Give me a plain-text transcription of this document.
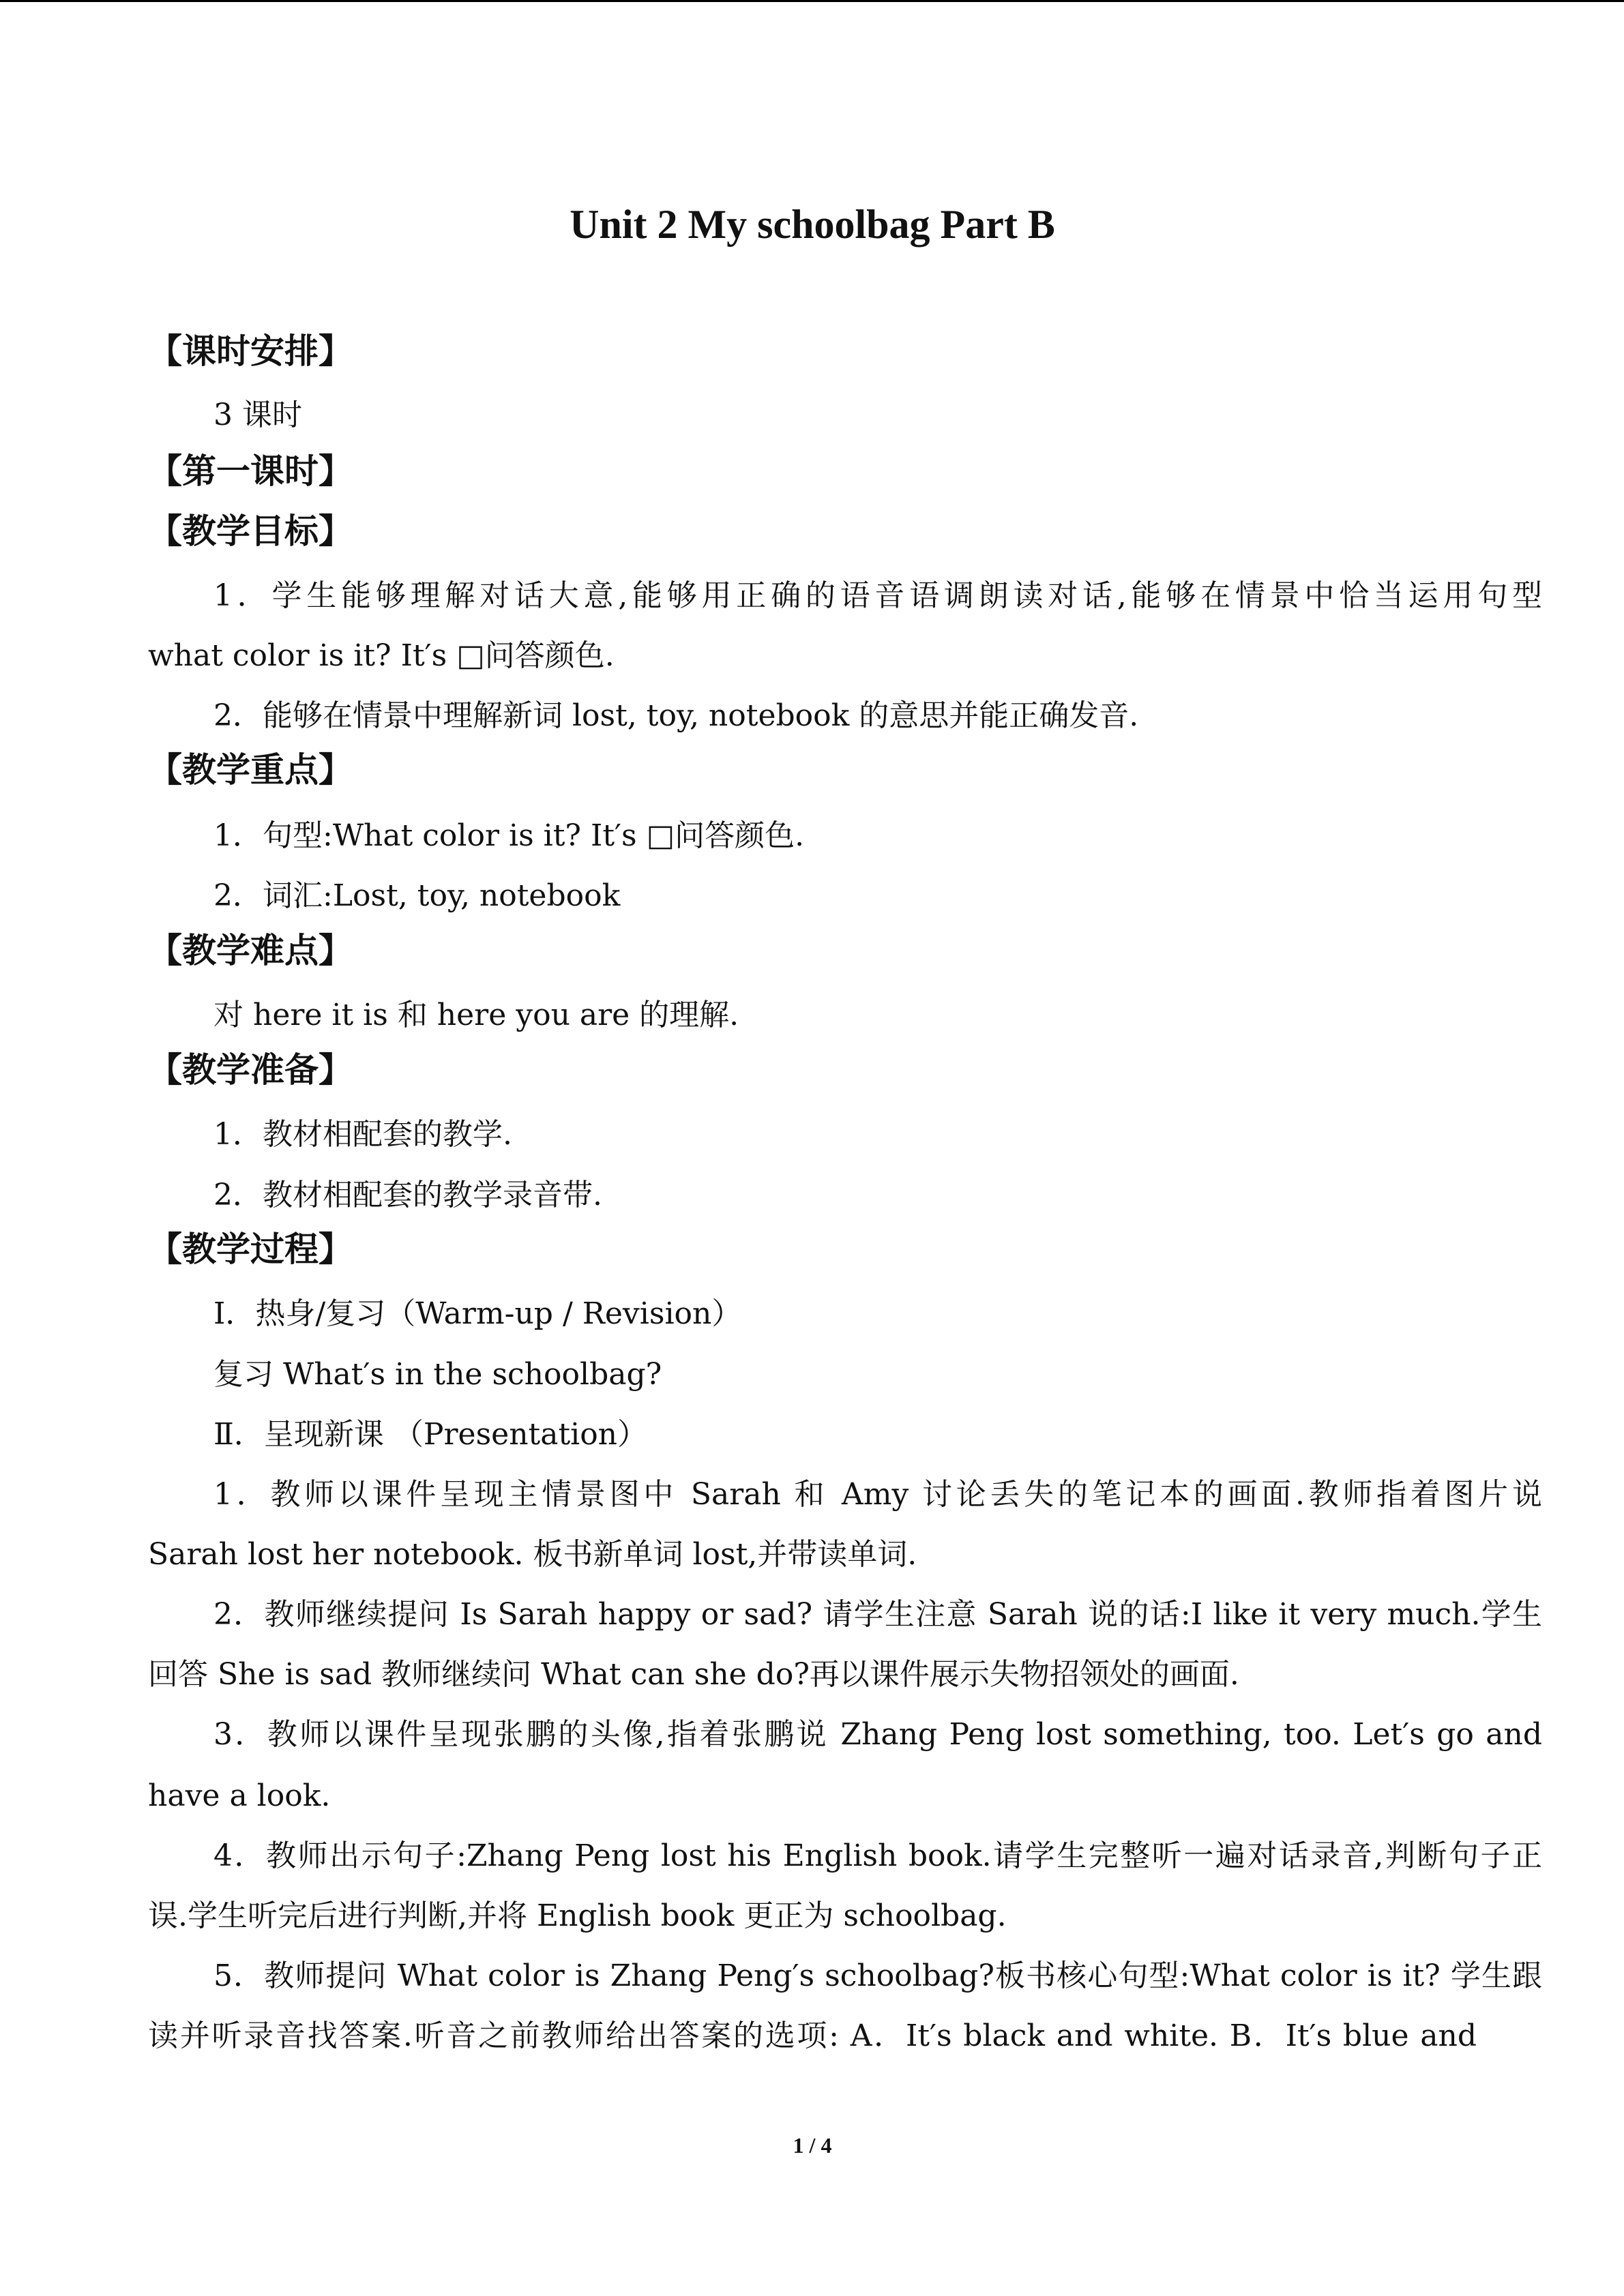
Unit 2 My schoolbag Part B
【课时安排】
3 课时
【第一课时】
【教学目标】
1．学生能够理解对话大意,能够用正确的语音语调朗读对话,能够在情景中恰当运用句型
what color is it? It′s □问答颜色.
2．能够在情景中理解新词 lost, toy, notebook 的意思并能正确发音.
【教学重点】
1．句型:What color is it? It′s □问答颜色.
2．词汇:Lost, toy, notebook
【教学难点】
对 here it is 和 here you are 的理解.
【教学准备】
1．教材相配套的教学.
2．教材相配套的教学录音带.
【教学过程】
Ⅰ．热身/复习（Warm-up / Revision）
复习 What′s in the schoolbag?
Ⅱ．呈现新课 （Presentation）
1．教师以课件呈现主情景图中 Sarah 和 Amy 讨论丢失的笔记本的画面.教师指着图片说
Sarah lost her notebook. 板书新单词 lost,并带读单词.
2．教师继续提问 Is Sarah happy or sad? 请学生注意 Sarah 说的话:I like it very much.学生
回答 She is sad 教师继续问 What can she do?再以课件展示失物招领处的画面.
3．教师以课件呈现张鹏的头像,指着张鹏说 Zhang Peng lost something, too. Let′s go and
have a look.
4．教师出示句子:Zhang Peng lost his English book.请学生完整听一遍对话录音,判断句子正
误.学生听完后进行判断,并将 English book 更正为 schoolbag.
5．教师提问 What color is Zhang Peng′s schoolbag?板书核心句型:What color is it? 学生跟
读并听录音找答案.听音之前教师给出答案的选项: A．It′s black and white. B．It′s blue and
1 / 4
